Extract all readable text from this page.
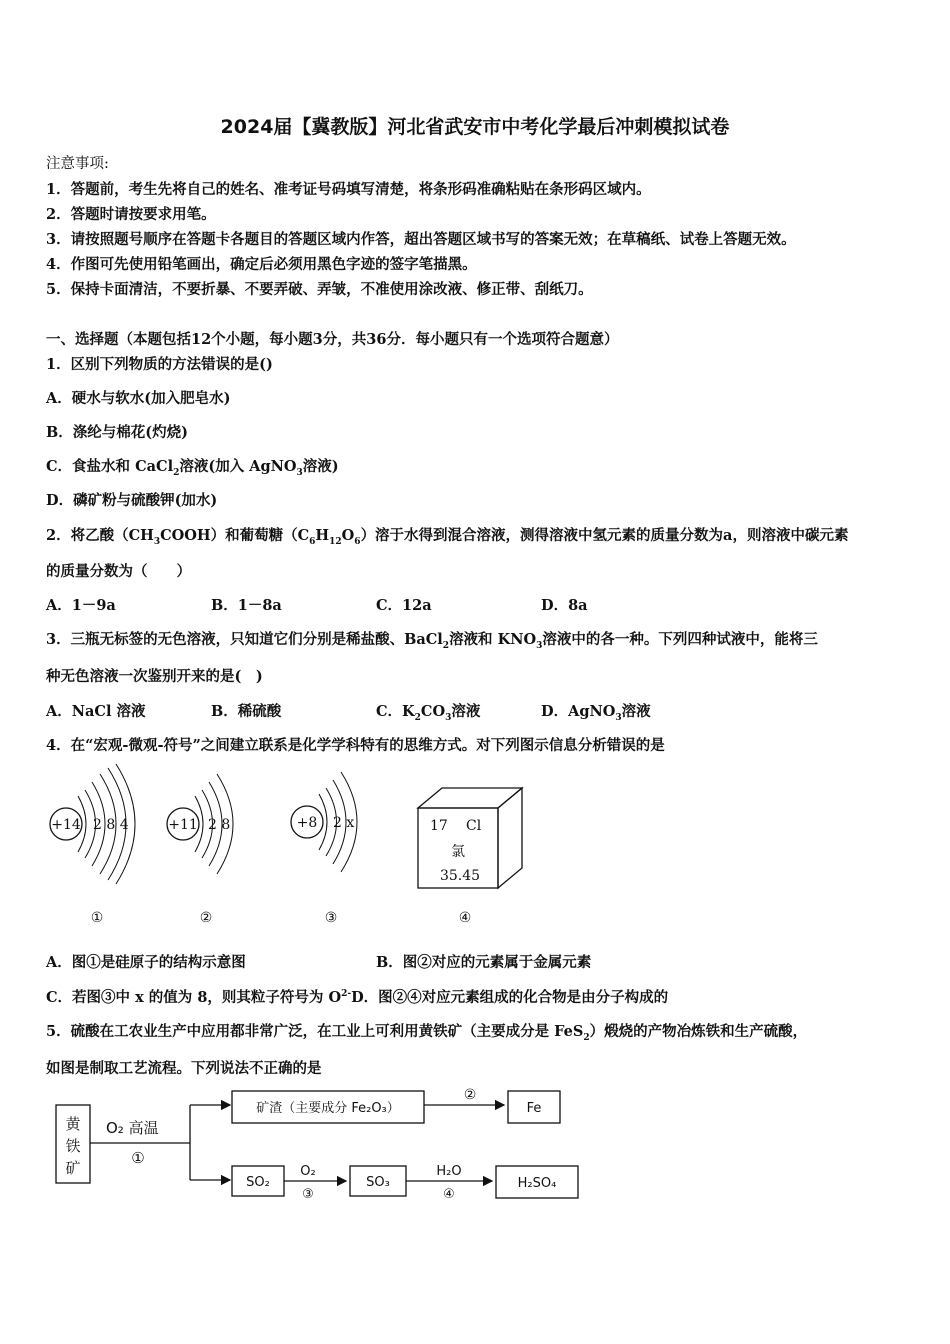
2024届【冀教版】河北省武安市中考化学最后冲刺模拟试卷
注意事项:
1．答题前，考生先将自己的姓名、准考证号码填写清楚，将条形码准确粘贴在条形码区域内。
2．答题时请按要求用笔。
3．请按照题号顺序在答题卡各题目的答题区域内作答，超出答题区域书写的答案无效；在草稿纸、试卷上答题无效。
4．作图可先使用铅笔画出，确定后必须用黑色字迹的签字笔描黑。
5．保持卡面清洁，不要折暴、不要弄破、弄皱，不准使用涂改液、修正带、刮纸刀。
一、选择题（本题包括12个小题，每小题3分，共36分．每小题只有一个选项符合题意）
1．区别下列物质的方法错误的是()
A．硬水与软水(加入肥皂水)
B．涤纶与棉花(灼烧)
C．食盐水和 CaCl$_2$溶液(加入 AgNO$_3$溶液)
D．磷矿粉与硫酸钾(加水)
2．将乙酸$(CH_3COOH)$和葡萄糖$(C_6H_{12}O_6)$溶于水得到混合溶液，测得溶液中氢元素的质量分数为a，则溶液中碳元素
的质量分数为（　　）
A．1－9a	B．1－8a	C．12a	D．8a
3．三瓶无标签的无色溶液，只知道它们分别是稀盐酸、BaCl$_2$溶液和 $KNO_3$溶液中的各一种。下列四种试液中，能将三
种无色溶液一次鉴别开来的是(　)
A．NaCl 溶液	B．稀硫酸	C．$K_2CO_3$溶液	D．AgNO$_3$溶液
4．在“宏观-微观-符号”之间建立联系是化学学科特有的思维方式。对下列图示信息分析错误的是
+14 2 8 4
①
+11 2 8
②
+8 2 x
③
17 Cl
氯
35.45
④
A．图①是硅原子的结构示意图	B．图②对应的元素属于金属元素
C．若图③中 x 的值为 8，则其粒子符号为 $O^{2-}D$．图②④对应元素组成的化合物是由分子构成的
5．硫酸在工农业生产中应用都非常广泛，在工业上可利用黄铁矿（主要成分是 FeS$_2$）煅烧的产物冶炼铁和生产硫酸，
如图是制取工艺流程。下列说法不正确的是
黄
铁
矿
O₂ 高温
①
矿渣（主要成分 Fe₂O₃）
②
Fe
SO₂
O₂
③
SO₃
H₂O
④
H₂SO₄
